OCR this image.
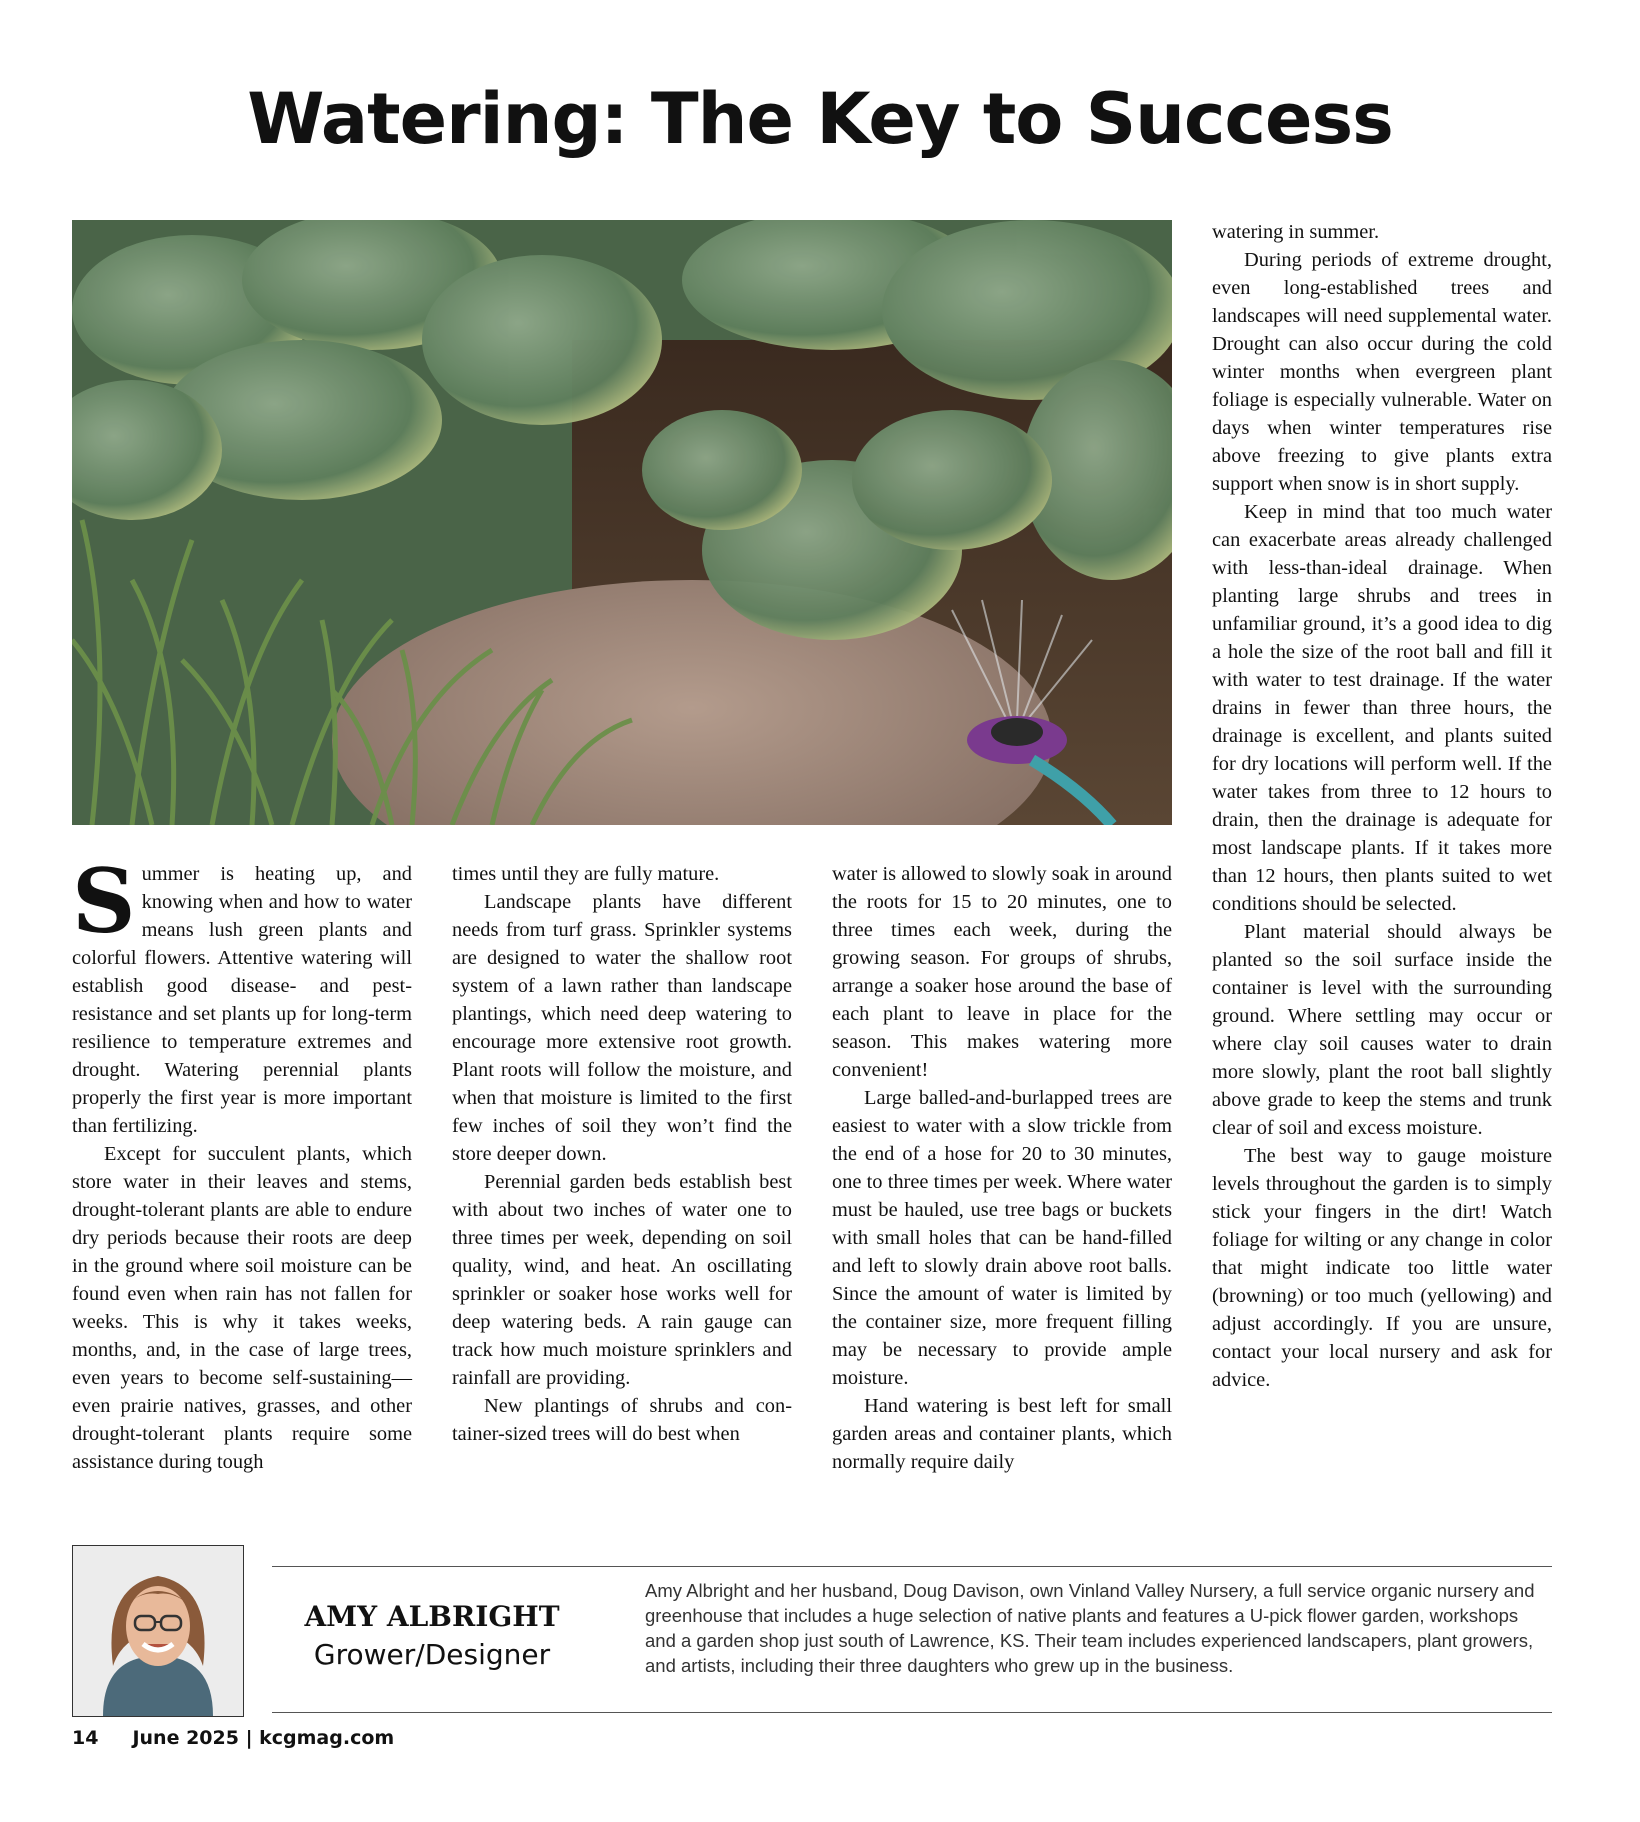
Watering: The Key to Success

Summer is heating up, and knowing when and how to water means lush green plants and colorful flowers. Attentive watering will establish good disease- and pest-resistance and set plants up for long-term resilience to temperature extremes and drought. Watering perennial plants properly the first year is more important than fertilizing.

Except for succulent plants, which store water in their leaves and stems, drought-tolerant plants are able to endure dry periods because their roots are deep in the ground where soil moisture can be found even when rain has not fallen for weeks. This is why it takes weeks, months, and, in the case of large trees, even years to become self-sustaining—even prairie natives, grasses, and other drought-tolerant plants require some assistance during tough

times until they are fully mature.

Landscape plants have different needs from turf grass. Sprinkler systems are designed to water the shallow root system of a lawn rather than landscape plantings, which need deep watering to encourage more extensive root growth. Plant roots will follow the moisture, and when that moisture is limited to the first few inches of soil they won’t find the store deeper down.

Perennial garden beds establish best with about two inches of water one to three times per week, depending on soil quality, wind, and heat. An oscillating sprinkler or soaker hose works well for deep watering beds. A rain gauge can track how much moisture sprinklers and rainfall are providing.

New plantings of shrubs and container-sized trees will do best when

water is allowed to slowly soak in around the roots for 15 to 20 minutes, one to three times each week, during the growing season. For groups of shrubs, arrange a soaker hose around the base of each plant to leave in place for the season. This makes watering more convenient!

Large balled-and-burlapped trees are easiest to water with a slow trickle from the end of a hose for 20 to 30 minutes, one to three times per week. Where water must be hauled, use tree bags or buckets with small holes that can be hand-filled and left to slowly drain above root balls. Since the amount of water is limited by the container size, more frequent filling may be necessary to provide ample moisture.

Hand watering is best left for small garden areas and container plants, which normally require daily

watering in summer.

During periods of extreme drought, even long-established trees and landscapes will need supplemental water. Drought can also occur during the cold winter months when evergreen plant foliage is especially vulnerable. Water on days when winter temperatures rise above freezing to give plants extra support when snow is in short supply.

Keep in mind that too much water can exacerbate areas already challenged with less-than-ideal drainage. When planting large shrubs and trees in unfamiliar ground, it’s a good idea to dig a hole the size of the root ball and fill it with water to test drainage. If the water drains in fewer than three hours, the drainage is excellent, and plants suited for dry locations will perform well. If the water takes from three to 12 hours to drain, then the drainage is adequate for most landscape plants. If it takes more than 12 hours, then plants suited to wet conditions should be selected.

Plant material should always be planted so the soil surface inside the container is level with the surrounding ground. Where settling may occur or where clay soil causes water to drain more slowly, plant the root ball slightly above grade to keep the stems and trunk clear of soil and excess moisture.

The best way to gauge moisture levels throughout the garden is to simply stick your fingers in the dirt! Watch foliage for wilting or any change in color that might indicate too little water (browning) or too much (yellowing) and adjust accordingly. If you are unsure, contact your local nursery and ask for advice.

AMY ALBRIGHT
Grower/Designer
Amy Albright and her husband, Doug Davison, own Vinland Valley Nursery, a full service organic nursery and greenhouse that includes a huge selection of native plants and features a U-pick flower garden, workshops and a garden shop just south of Lawrence, KS. Their team includes experienced landscapers, plant growers, and artists, including their three daughters who grew up in the business.
14 June 2025 | kcgmag.com
